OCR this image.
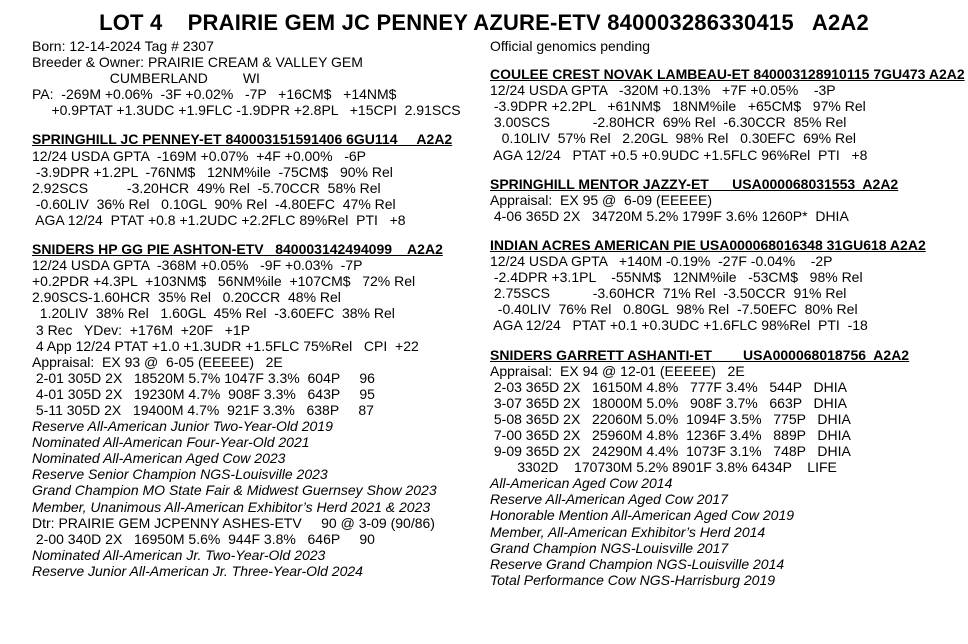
LOT 4    PRAIRIE GEM JC PENNEY AZURE-ETV 840003286330415   A2A2
Born: 12-14-2024 Tag # 2307
Breeder & Owner: PRAIRIE CREAM & VALLEY GEM
CUMBERLAND         WI
PA:  -269M +0.06%  -3F +0.02%   -7P   +16CM$   +14NM$
+0.9PTAT +1.3UDC +1.9FLC -1.9DPR +2.8PL   +15CPI  2.91SCS
SPRINGHILL JC PENNEY-ET 840003151591406 6GU114     A2A2
12/24 USDA GPTA  -169M +0.07%  +4F +0.00%   -6P
-3.9DPR +1.2PL  -76NM$   12NM%ile  -75CM$   90% Rel
2.92SCS          -3.20HCR  49% Rel  -5.70CCR  58% Rel
-0.60LIV  36% Rel   0.10GL  90% Rel  -4.80EFC  47% Rel
AGA 12/24  PTAT +0.8 +1.2UDC +2.2FLC 89%Rel  PTI   +8
SNIDERS HP GG PIE ASHTON-ETV   840003142494099    A2A2
12/24 USDA GPTA  -368M +0.05%   -9F +0.03%  -7P
+0.2PDR +4.3PL  +103NM$   56NM%ile  +107CM$   72% Rel
2.90SCS-1.60HCR  35% Rel   0.20CCR  48% Rel
1.20LIV  38% Rel   1.60GL  45% Rel  -3.60EFC  38% Rel
3 Rec   YDev:  +176M  +20F   +1P
4 App 12/24 PTAT +1.0 +1.3UDR +1.5FLC 75%Rel   CPI  +22
Appraisal:  EX 93 @  6-05 (EEEEE)   2E
2-01 305D 2X   18520M 5.7% 1047F 3.3%  604P     96
4-01 305D 2X   19230M 4.7%  908F 3.3%   643P     95
5-11 305D 2X   19400M 4.7%  921F 3.3%   638P     87
Reserve All-American Junior Two-Year-Old 2019
Nominated All-American Four-Year-Old 2021
Nominated All-American Aged Cow 2023
Reserve Senior Champion NGS-Louisville 2023
Grand Champion MO State Fair & Midwest Guernsey Show 2023
Member, Unanimous All-American Exhibitor’s Herd 2021 & 2023
Dtr: PRAIRIE GEM JCPENNY ASHES-ETV     90 @ 3-09 (90/86)
2-00 340D 2X   16950M 5.6%  944F 3.8%   646P     90
Nominated All-American Jr. Two-Year-Old 2023
Reserve Junior All-American Jr. Three-Year-Old 2024
Official genomics pending
COULEE CREST NOVAK LAMBEAU-ET 840003128910115 7GU473 A2A2
12/24 USDA GPTA   -320M +0.13%   +7F +0.05%    -3P
-3.9DPR +2.2PL   +61NM$   18NM%ile   +65CM$   97% Rel
3.00SCS           -2.80HCR  69% Rel  -6.30CCR  85% Rel
0.10LIV  57% Rel   2.20GL  98% Rel   0.30EFC  69% Rel
AGA 12/24   PTAT +0.5 +0.9UDC +1.5FLC 96%Rel  PTI   +8
SPRINGHILL MENTOR JAZZY-ET      USA000068031553  A2A2
Appraisal:  EX 95 @  6-09 (EEEEE)
4-06 365D 2X   34720M 5.2% 1799F 3.6% 1260P*  DHIA
INDIAN ACRES AMERICAN PIE USA000068016348 31GU618 A2A2
12/24 USDA GPTA   +140M -0.19%  -27F -0.04%    -2P
-2.4DPR +3.1PL    -55NM$   12NM%ile   -53CM$   98% Rel
2.75SCS           -3.60HCR  71% Rel  -3.50CCR  91% Rel
-0.40LIV  76% Rel   0.80GL  98% Rel  -7.50EFC  80% Rel
AGA 12/24   PTAT +0.1 +0.3UDC +1.6FLC 98%Rel  PTI  -18
SNIDERS GARRETT ASHANTI-ET        USA000068018756  A2A2
Appraisal:  EX 94 @ 12-01 (EEEEE)   2E
2-03 365D 2X   16150M 4.8%   777F 3.4%   544P   DHIA
3-07 365D 2X   18000M 5.0%   908F 3.7%   663P   DHIA
5-08 365D 2X   22060M 5.0%  1094F 3.5%   775P   DHIA
7-00 365D 2X   25960M 4.8%  1236F 3.4%   889P   DHIA
9-09 365D 2X   24290M 4.4%  1073F 3.1%   748P   DHIA
3302D    170730M 5.2% 8901F 3.8% 6434P    LIFE
All-American Aged Cow 2014
Reserve All-American Aged Cow 2017
Honorable Mention All-American Aged Cow 2019
Member, All-American Exhibitor’s Herd 2014
Grand Champion NGS-Louisville 2017
Reserve Grand Champion NGS-Louisville 2014
Total Performance Cow NGS-Harrisburg 2019
